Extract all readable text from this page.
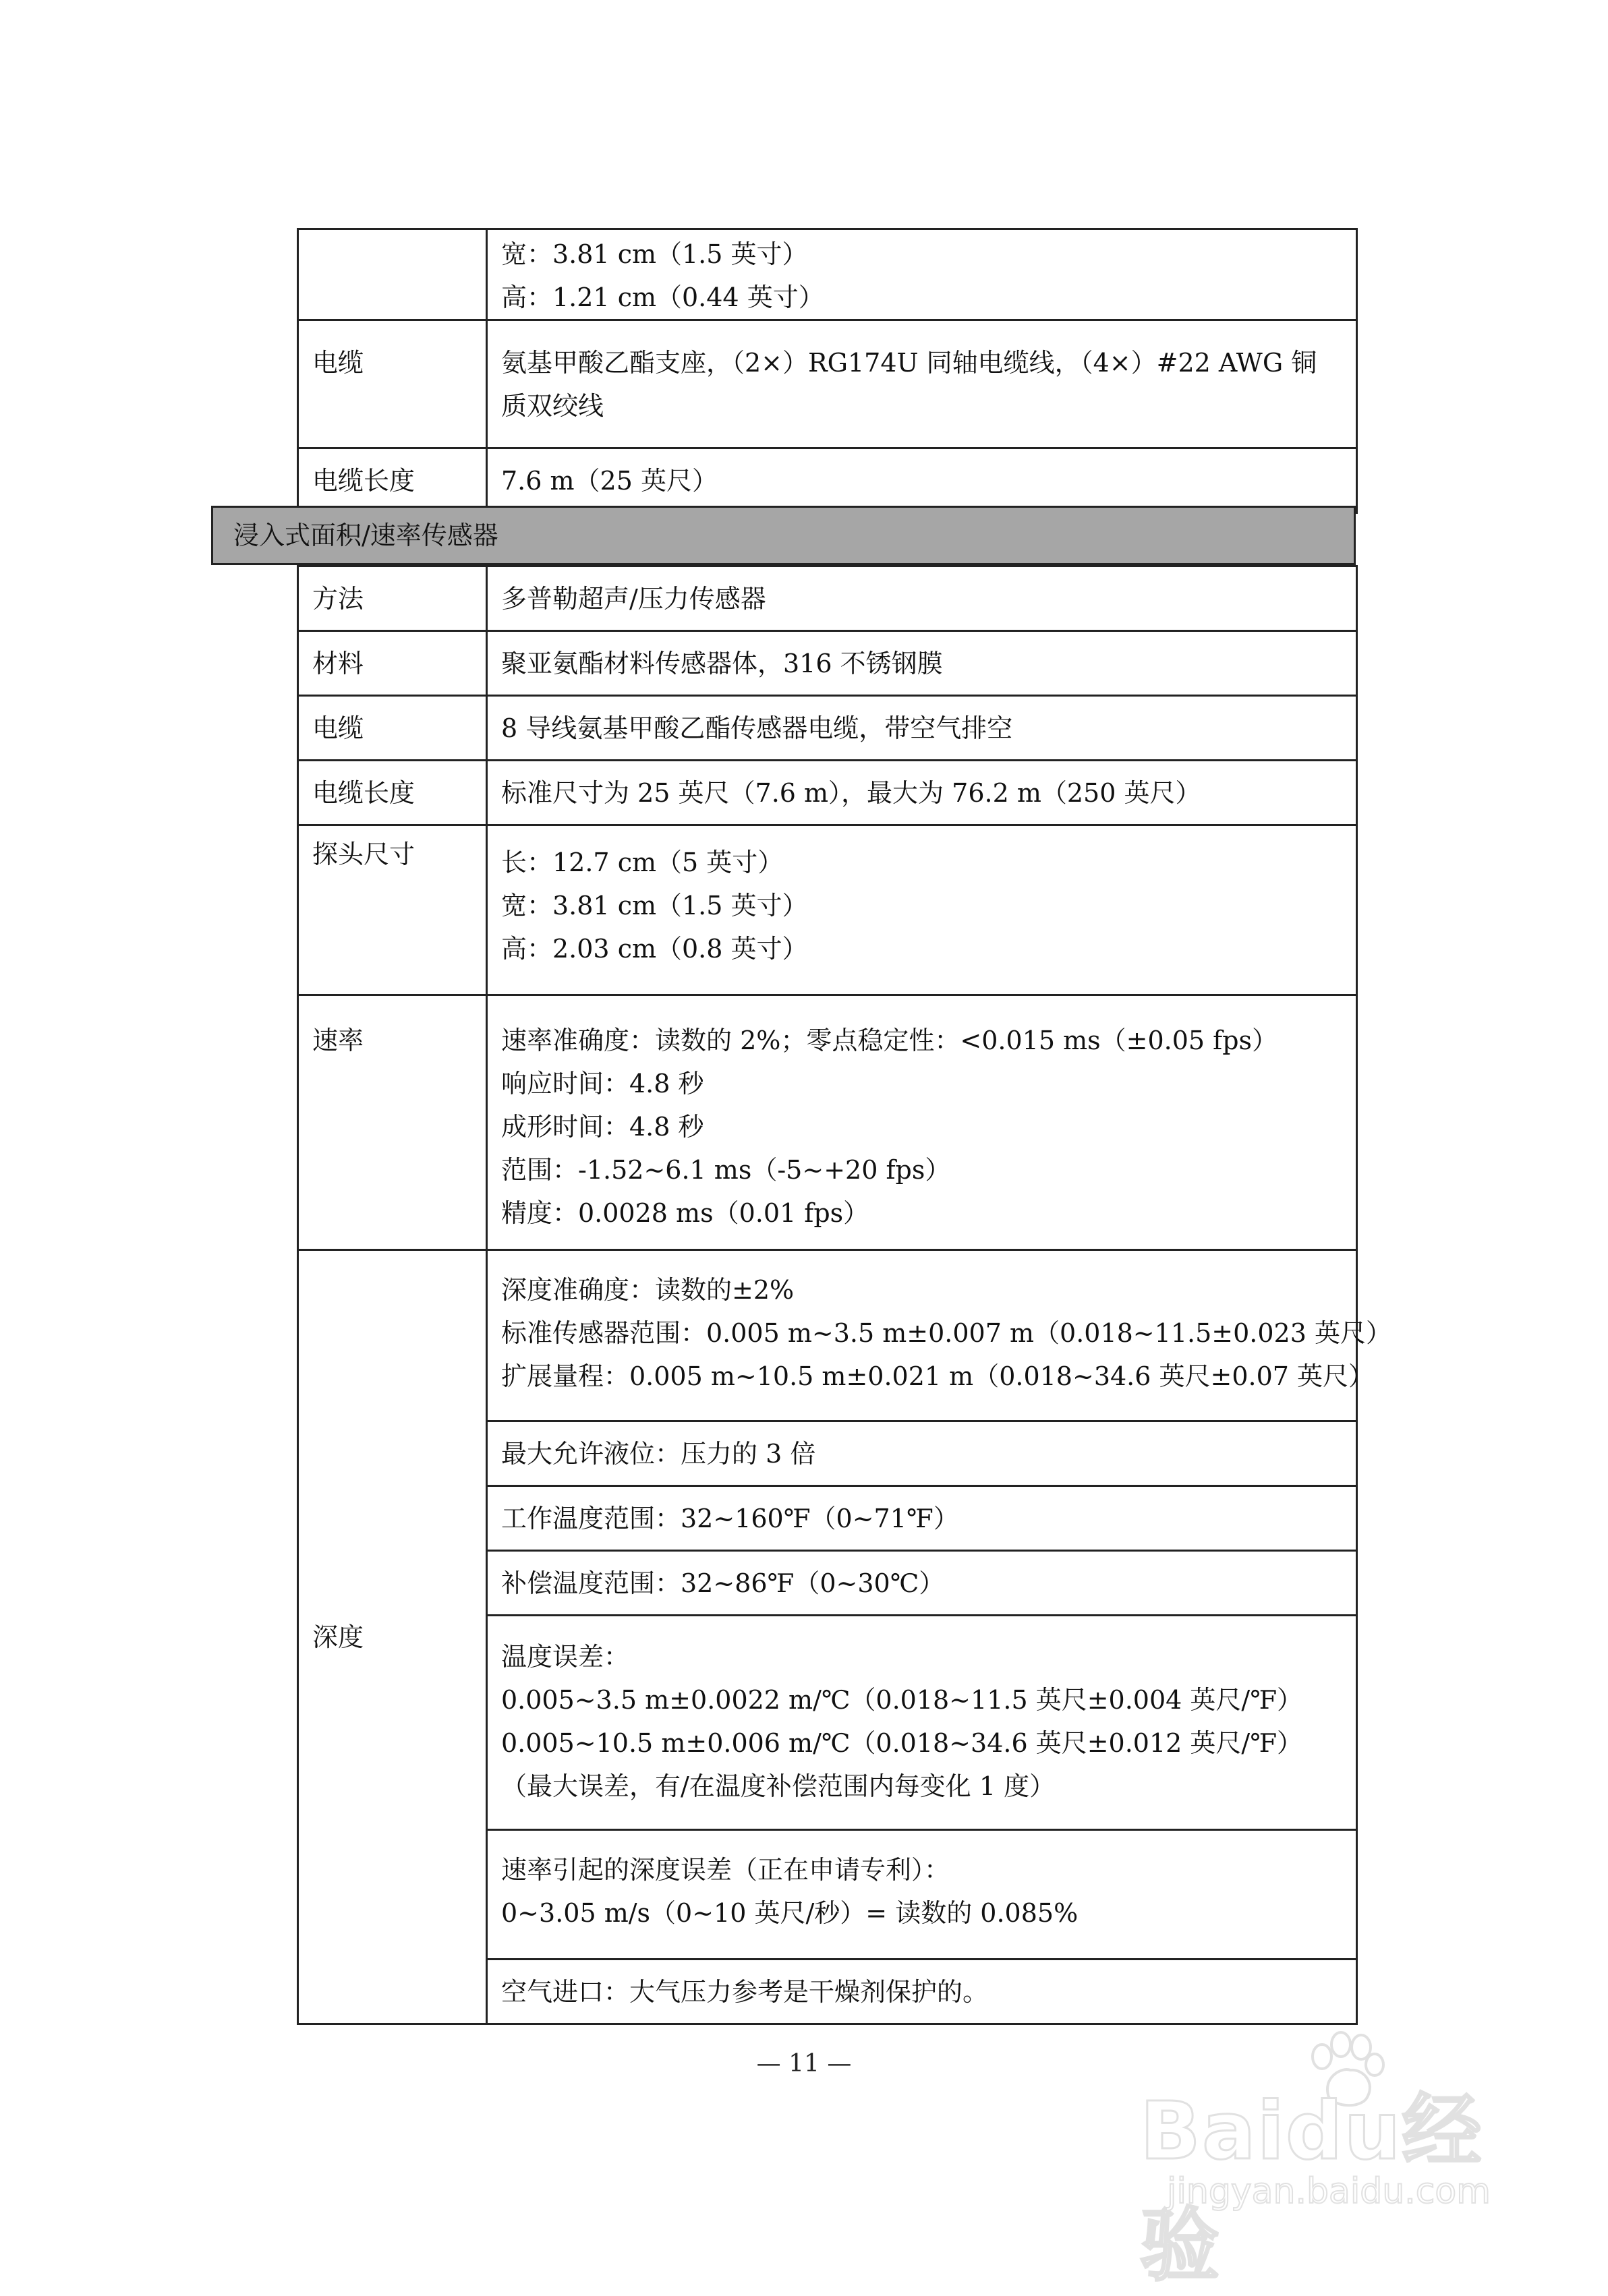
	宽：3.81 cm（1.5 英寸）
高：1.21 cm（0.44 英寸）

电缆	氨基甲酸乙酯支座，（2×）RG174U 同轴电缆线，（4×）#22 AWG 铜质双绞线
电缆长度	7.6 m（25 英尺）
浸入式面积/速率传感器
方法	多普勒超声/压力传感器
材料	聚亚氨酯材料传感器体，316 不锈钢膜
电缆	8 导线氨基甲酸乙酯传感器电缆，带空气排空
电缆长度	标准尺寸为 25 英尺（7.6 m），最大为 76.2 m（250 英尺）
探头尺寸	长：12.7 cm（5 英寸）
宽：3.81 cm（1.5 英寸）
高：2.03 cm（0.8 英寸）

速率	速率准确度：读数的 2%；零点稳定性：<0.015 ms（±0.05 fps）
响应时间：4.8 秒
成形时间：4.8 秒
范围：-1.52~6.1 ms（-5~+20 fps）
精度：0.0028 ms（0.01 fps）

深度	深度准确度：读数的±2%
标准传感器范围：0.005 m~3.5 m±0.007 m（0.018~11.5±0.023 英尺）
扩展量程：0.005 m~10.5 m±0.021 m（0.018~34.6 英尺±0.07 英尺）

	最大允许液位：压力的 3 倍
	工作温度范围：32~160℉（0~71℉）
	补偿温度范围：32~86℉（0~30℃）

	温度误差：
0.005~3.5 m±0.0022 m/℃（0.018~11.5 英尺±0.004 英尺/℉）
0.005~10.5 m±0.006 m/℃（0.018~34.6 英尺±0.012 英尺/℉）
（最大误差，有/在温度补偿范围内每变化 1 度）

	速率引起的深度误差（正在申请专利）：
0~3.05 m/s（0~10 英尺/秒）= 读数的 0.085%

	空气进口：大气压力参考是干燥剂保护的。
— 11 —
Baidu经验
jingyan.baidu.com
